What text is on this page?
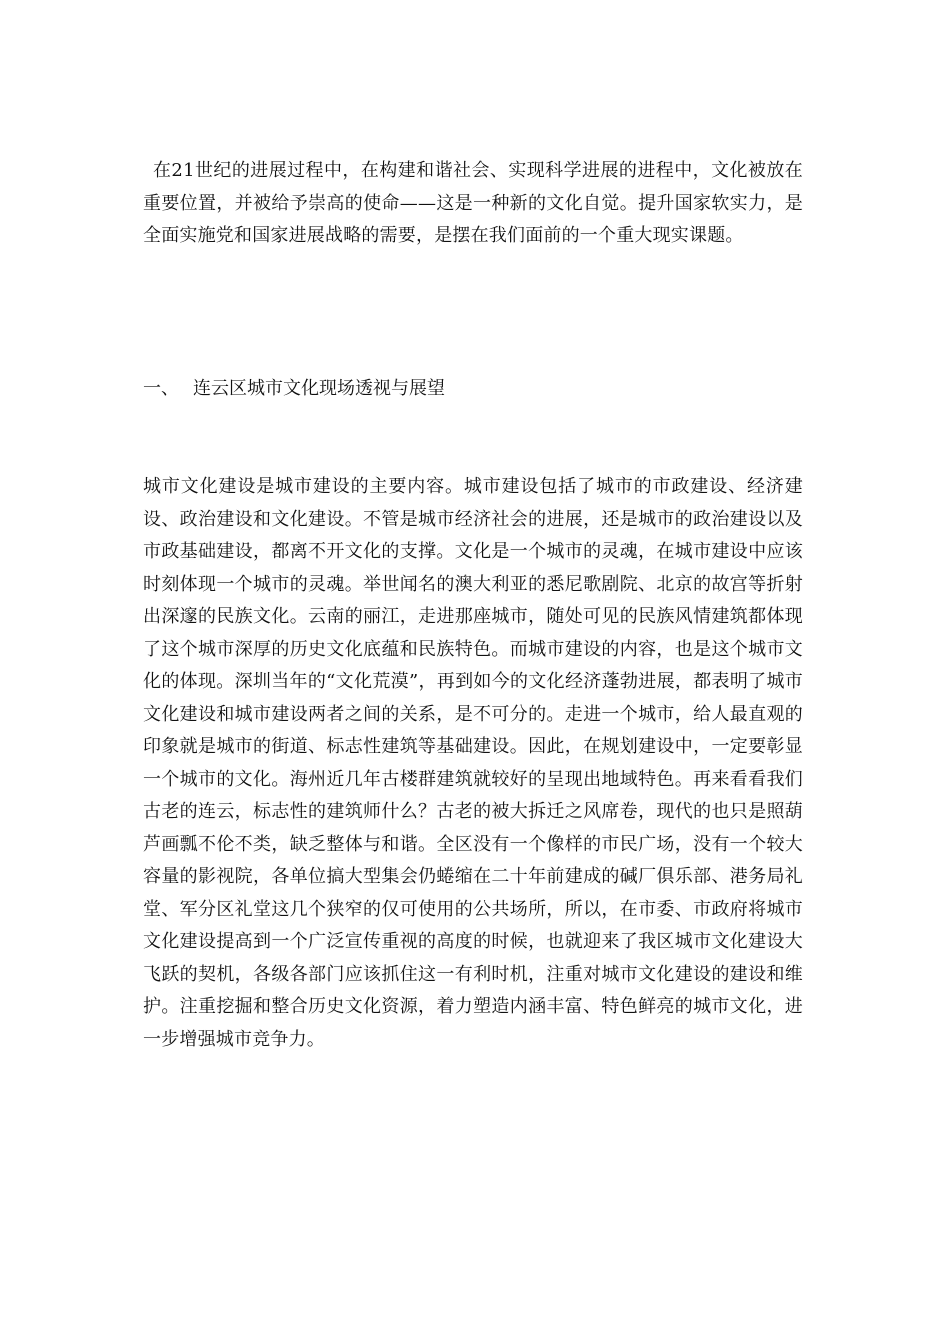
在21世纪的进展过程中，在构建和谐社会、实现科学进展的进程中，文化被放在重要位置，并被给予崇高的使命——这是一种新的文化自觉。提升国家软实力，是全面实施党和国家进展战略的需要，是摆在我们面前的一个重大现实课题。

一、 连云区城市文化现场透视与展望

城市文化建设是城市建设的主要内容。城市建设包括了城市的市政建设、经济建设、政治建设和文化建设。不管是城市经济社会的进展，还是城市的政治建设以及市政基础建设，都离不开文化的支撑。文化是一个城市的灵魂，在城市建设中应该时刻体现一个城市的灵魂。举世闻名的澳大利亚的悉尼歌剧院、北京的故宫等折射出深邃的民族文化。云南的丽江，走进那座城市，随处可见的民族风情建筑都体现了这个城市深厚的历史文化底蕴和民族特色。而城市建设的内容，也是这个城市文化的体现。深圳当年的“文化荒漠”，再到如今的文化经济蓬勃进展，都表明了城市文化建设和城市建设两者之间的关系，是不可分的。走进一个城市，给人最直观的印象就是城市的街道、标志性建筑等基础建设。因此，在规划建设中，一定要彰显一个城市的文化。海州近几年古楼群建筑就较好的呈现出地域特色。再来看看我们古老的连云，标志性的建筑师什么？古老的被大拆迁之风席卷，现代的也只是照葫芦画瓢不伦不类，缺乏整体与和谐。全区没有一个像样的市民广场，没有一个较大容量的影视院，各单位搞大型集会仍蜷缩在二十年前建成的碱厂俱乐部、港务局礼堂、军分区礼堂这几个狭窄的仅可使用的公共场所，所以，在市委、市政府将城市文化建设提高到一个广泛宣传重视的高度的时候，也就迎来了我区城市文化建设大飞跃的契机，各级各部门应该抓住这一有利时机，注重对城市文化建设的建设和维护。注重挖掘和整合历史文化资源，着力塑造内涵丰富、特色鲜亮的城市文化，进一步增强城市竞争力。
